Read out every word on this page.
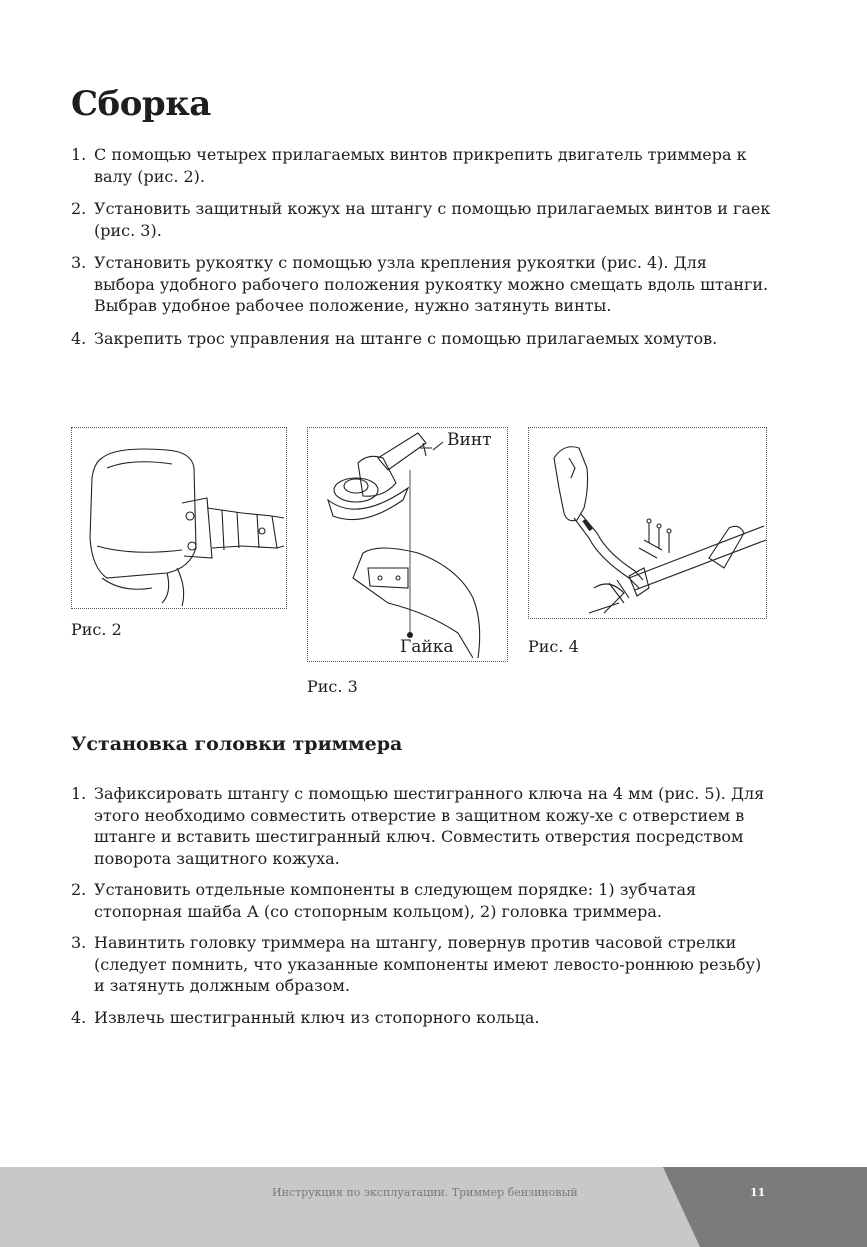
Сборка
1. С помощью четырех прилагаемых винтов прикрепить двигатель триммера к валу (рис. 2).
2. Установить защитный кожух на штангу с помощью прилагаемых винтов и гаек (рис. 3).
3. Установить рукоятку с помощью узла крепления рукоятки (рис. 4). Для выбора удобного рабочего положения рукоятку можно смещать вдоль штанги. Выбрав удобное рабочее положение, нужно затянуть винты.
4. Закрепить трос управления на штанге с помощью прилагаемых хомутов.
Рис. 2
Винт
Гайка
Рис. 3
Рис. 4
Установка головки триммера
1. Зафиксировать штангу с помощью шестигранного ключа на 4 мм (рис. 5). Для этого необходимо совместить отверстие в защитном кожу-хе с отверстием в штанге и вставить шестигранный ключ. Совместить отверстия посредством поворота защитного кожуха.
2. Установить отдельные компоненты в следующем порядке: 1) зубчатая стопорная шайба А (со стопорным кольцом), 2) головка триммера.
3. Навинтить головку триммера на штангу, повернув против часовой стрелки (следует помнить, что указанные компоненты имеют левосто-роннюю резьбу) и затянуть должным образом.
4. Извлечь шестигранный ключ из стопорного кольца.
Инструкция по эксплуатации. Триммер бензиновый	11
